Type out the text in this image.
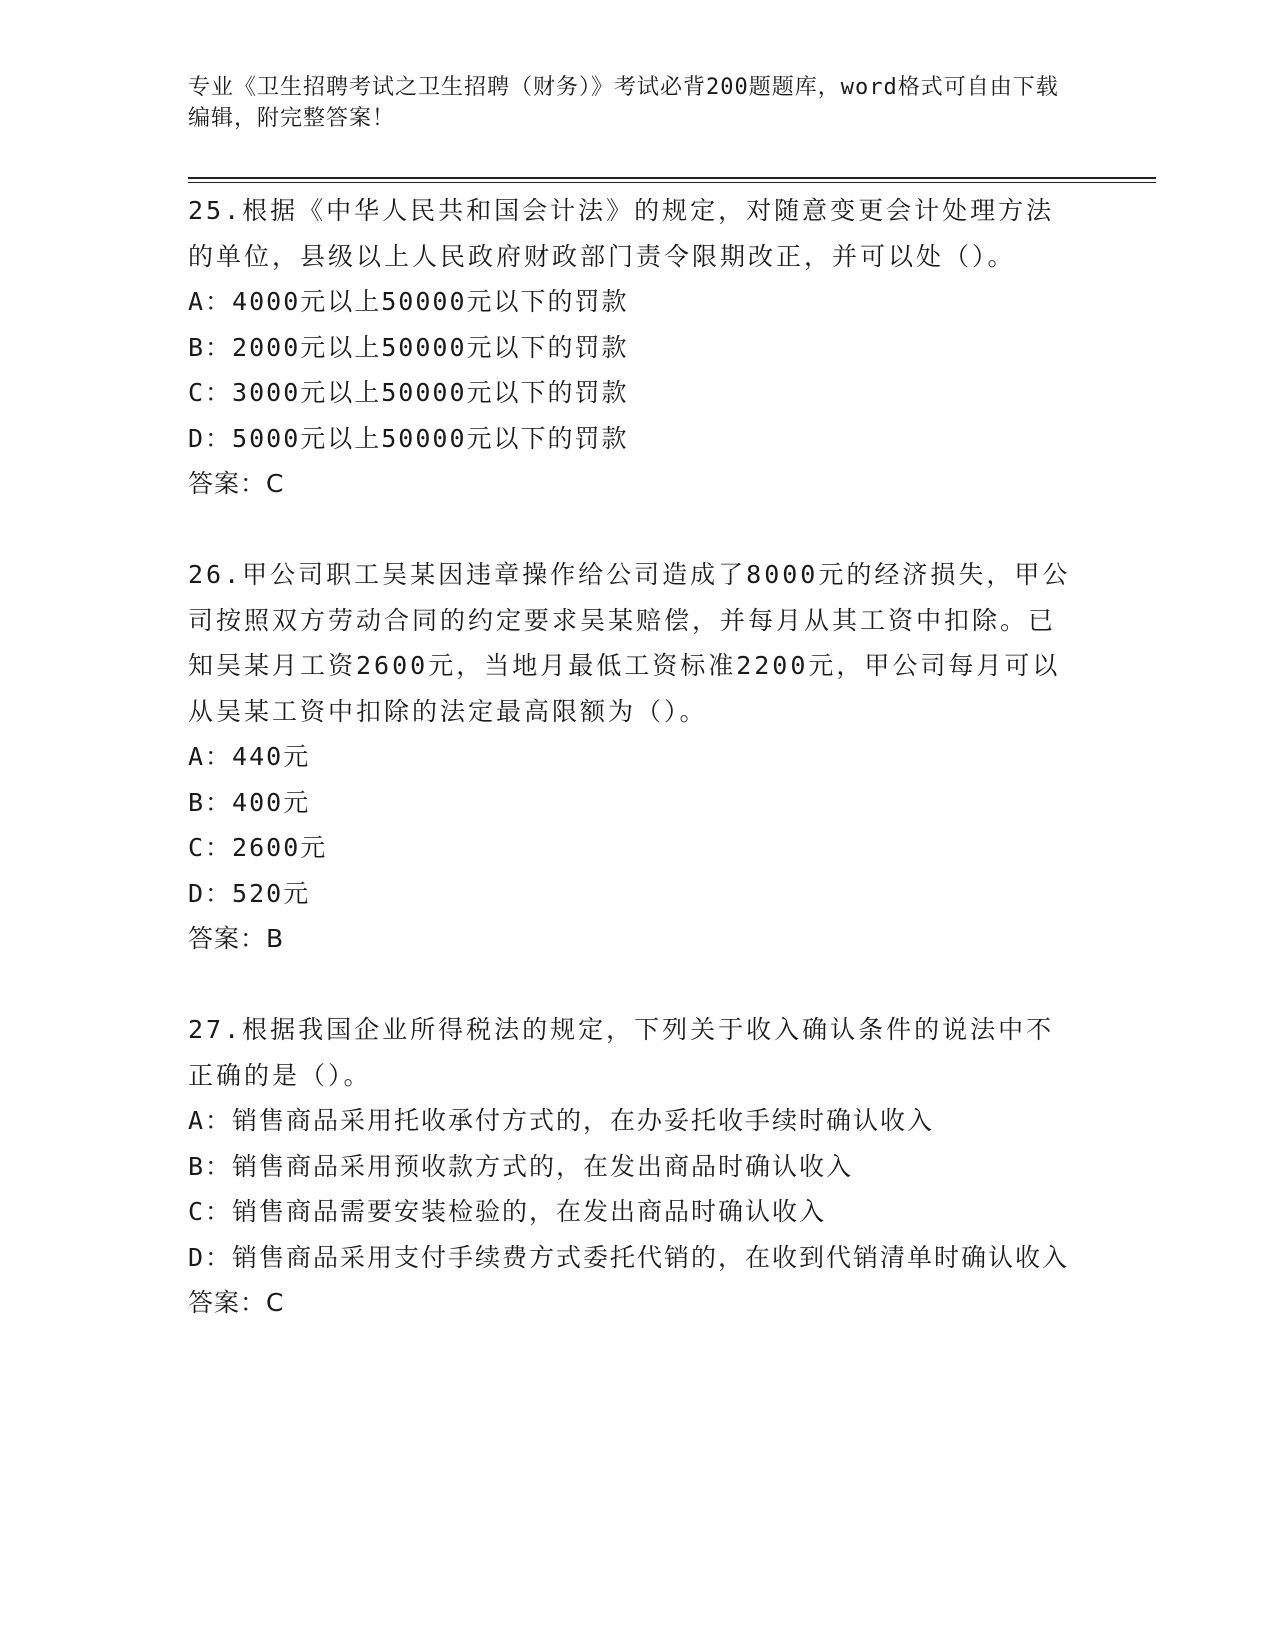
专业《卫生招聘考试之卫生招聘（财务）》考试必背200题题库，word格式可自由下载编辑，附完整答案！

25.根据《中华人民共和国会计法》的规定，对随意变更会计处理方法的单位，县级以上人民政府财政部门责令限期改正，并可以处（）。

A：4000元以上50000元以下的罚款

B：2000元以上50000元以下的罚款

C：3000元以上50000元以下的罚款

D：5000元以上50000元以下的罚款

答案：C

26.甲公司职工吴某因违章操作给公司造成了8000元的经济损失，甲公司按照双方劳动合同的约定要求吴某赔偿，并每月从其工资中扣除。已知吴某月工资2600元，当地月最低工资标准2200元，甲公司每月可以从吴某工资中扣除的法定最高限额为（）。

A：440元

B：400元

C：2600元

D：520元

答案：B

27.根据我国企业所得税法的规定，下列关于收入确认条件的说法中不正确的是（）。

A：销售商品采用托收承付方式的，在办妥托收手续时确认收入

B：销售商品采用预收款方式的，在发出商品时确认收入

C：销售商品需要安装检验的，在发出商品时确认收入

D：销售商品采用支付手续费方式委托代销的，在收到代销清单时确认收入

答案：C
